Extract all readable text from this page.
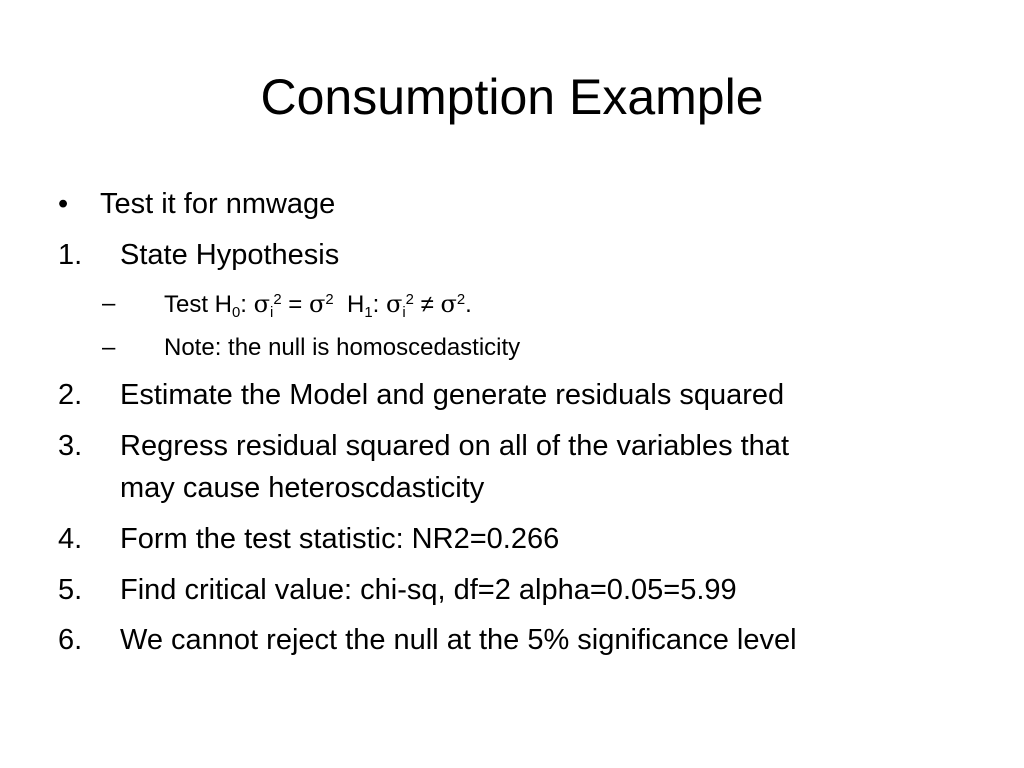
Consumption Example
• Test it for nmwage
1. State Hypothesis
– Test $H_0$: $\sigma_i^2 = \sigma^2$ $H_1$: $\sigma_i^2 \ne \sigma^2$.
– Note: the null is homoscedasticity
2. Estimate the Model and generate residuals squared
3. Regress residual squared on all of the variables that
may cause heteroscdasticity
4. Form the test statistic: NR2=0.266
5. Find critical value: chi-sq, df=2 alpha=0.05=5.99
6. We cannot reject the null at the 5% significance level
